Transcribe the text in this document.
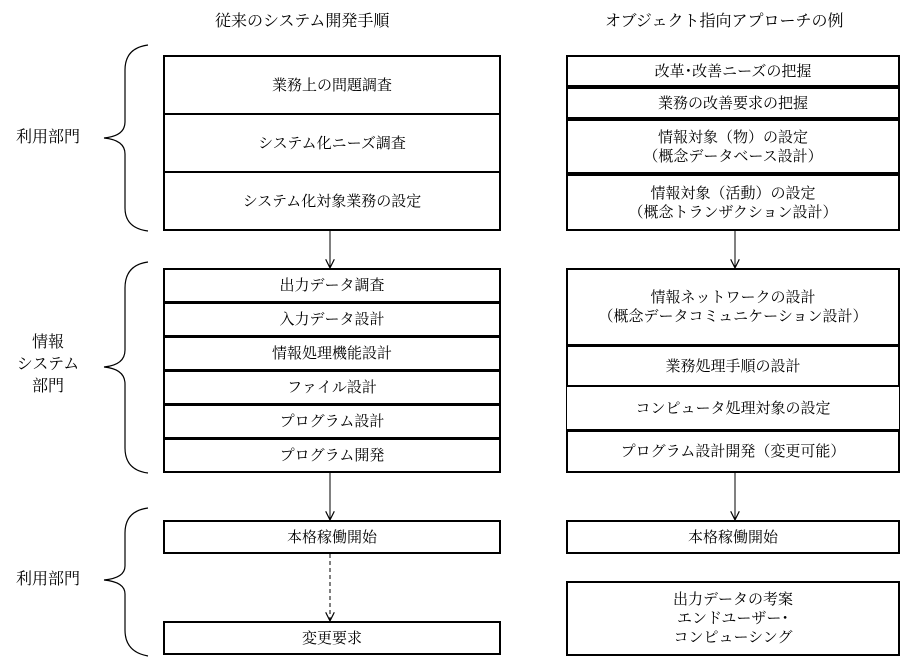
従来のシステム開発手順	オブジェクト指向アプローチの例
利用部門
情報
システム
部門
利用部門
業務上の問題調査
システム化ニーズ調査
システム化対象業務の設定
出力データ調査
入力データ設計
情報処理機能設計
ファイル設計
プログラム設計
プログラム開発
本格稼働開始
変更要求
改革･改善ニーズの把握
業務の改善要求の把握
情報対象（物）の設定
（概念データベース設計）
情報対象（活動）の設定
（概念トランザクション設計）
情報ネットワークの設計
（概念データコミュニケーション設計）
業務処理手順の設計
コンピュータ処理対象の設定
プログラム設計開発（変更可能）
本格稼働開始
出力データの考案
エンドユーザー･
コンピューシング
